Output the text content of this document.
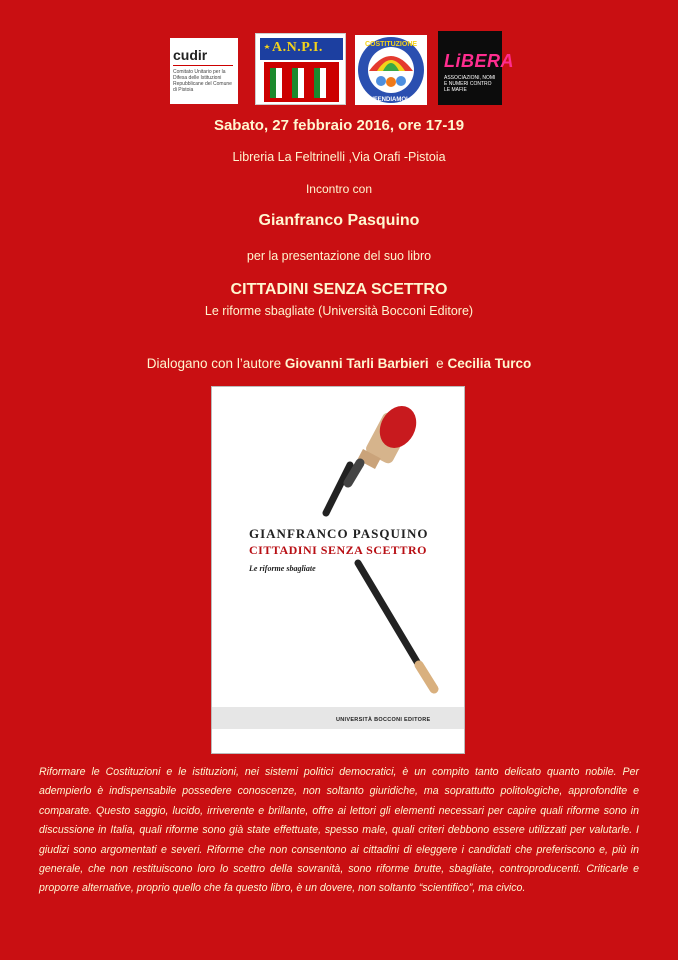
cudir
Comitato Unitario per la Difesa delle Istituzioni Repubblicane del Comune di Pistoia
A.N.P.I.	COSTITUZIONE
DIFENDIAMOLA
LiBERA
ASSOCIAZIONI, NOMI E NUMERI CONTRO LE MAFIE
Sabato, 27 febbraio 2016, ore 17-19
Libreria La Feltrinelli ,Via Orafi -Pistoia
Incontro con
Gianfranco Pasquino
per la presentazione del suo libro
CITTADINI SENZA SCETTRO
Le riforme sbagliate (Università Bocconi Editore)
Dialogano con l’autore Giovanni Tarli Barbieri e Cecilia Turco
GIANFRANCO PASQUINO
CITTADINI SENZA SCETTRO
Le riforme sbagliate
UNIVERSITÀ BOCCONI EDITORE
Riformare le Costituzioni e le istituzioni, nei sistemi politici democratici, è un compito tanto delicato quanto nobile. Per adempierlo è indispensabile possedere conoscenze, non soltanto giuridiche, ma soprattutto politologiche, approfondite e comparate. Questo saggio, lucido, irriverente e brillante, offre ai lettori gli elementi necessari per capire quali riforme sono in discussione in Italia, quali riforme sono già state effettuate, spesso male, quali criteri debbono essere utilizzati per valutarle. I giudizi sono argomentati e severi. Riforme che non consentono ai cittadini di eleggere i candidati che preferiscono e, più in generale, che non restituiscono loro lo scettro della sovranità, sono riforme brutte, sbagliate, controproducenti. Criticarle e proporre alternative, proprio quello che fa questo libro, è un dovere, non soltanto “scientifico”, ma civico.
